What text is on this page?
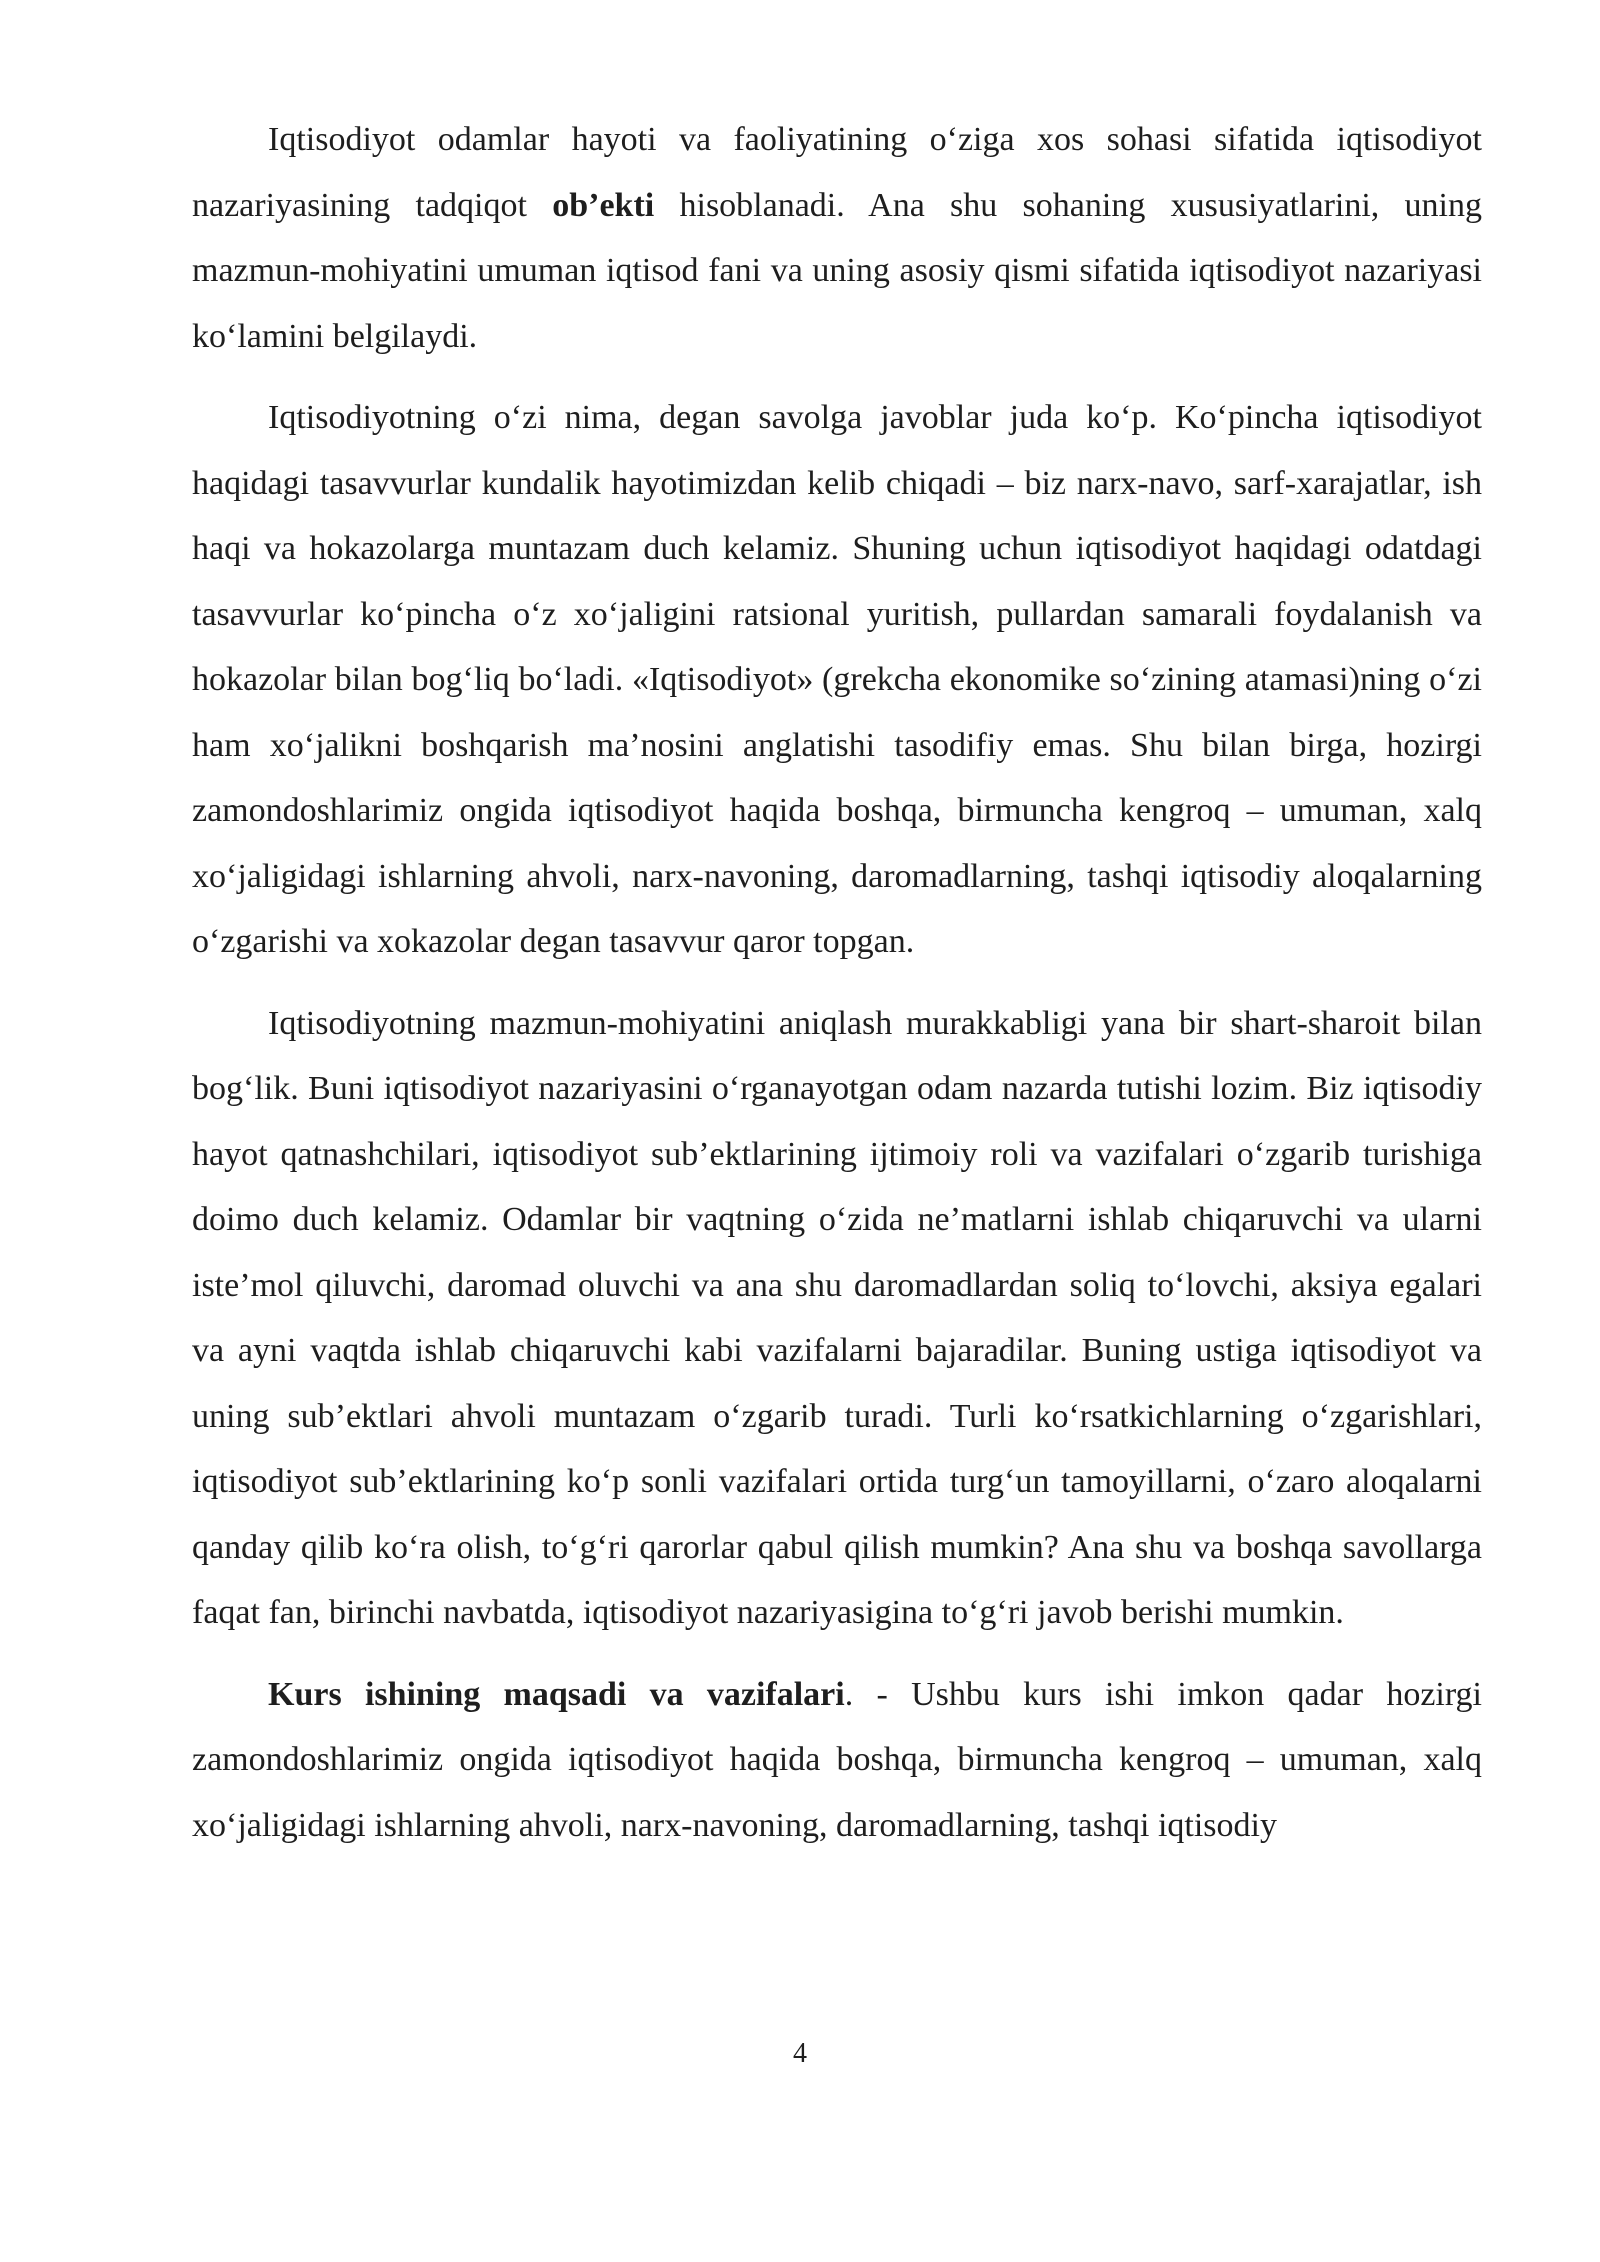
Iqtisodiyot odamlar hayoti va faoliyatining o‘ziga xos sohasi sifatida iqtisodiyot nazariyasining tadqiqot ob’ekti hisoblanadi. Ana shu sohaning xususiyatlarini, uning mazmun-mohiyatini umuman iqtisod fani va uning asosiy qismi sifatida iqtisodiyot nazariyasi ko‘lamini belgilaydi.

Iqtisodiyotning o‘zi nima, degan savolga javoblar juda ko‘p. Ko‘pincha iqtisodiyot haqidagi tasavvurlar kundalik hayotimizdan kelib chiqadi – biz narx-navo, sarf-xarajatlar, ish haqi va hokazolarga muntazam duch kelamiz. Shuning uchun iqtisodiyot haqidagi odatdagi tasavvurlar ko‘pincha o‘z xo‘jaligini ratsional yuritish, pullardan samarali foydalanish va hokazolar bilan bog‘liq bo‘ladi. «Iqtisodiyot» (grekcha ekonomike so‘zining atamasi)ning o‘zi ham xo‘jalikni boshqarish ma’nosini anglatishi tasodifiy emas. Shu bilan birga, hozirgi zamondoshlarimiz ongida iqtisodiyot haqida boshqa, birmuncha kengroq – umuman, xalq xo‘jaligidagi ishlarning ahvoli, narx-navoning, daromadlarning, tashqi iqtisodiy aloqalarning o‘zgarishi va xokazolar degan tasavvur qaror topgan.

Iqtisodiyotning mazmun-mohiyatini aniqlash murakkabligi yana bir shart-sharoit bilan bog‘lik. Buni iqtisodiyot nazariyasini o‘rganayotgan odam nazarda tutishi lozim. Biz iqtisodiy hayot qatnashchilari, iqtisodiyot sub’ektlarining ijtimoiy roli va vazifalari o‘zgarib turishiga doimo duch kelamiz. Odamlar bir vaqtning o‘zida ne’matlarni ishlab chiqaruvchi va ularni iste’mol qiluvchi, daromad oluvchi va ana shu daromadlardan soliq to‘lovchi, aksiya egalari va ayni vaqtda ishlab chiqaruvchi kabi vazifalarni bajaradilar. Buning ustiga iqtisodiyot va uning sub’ektlari ahvoli muntazam o‘zgarib turadi. Turli ko‘rsatkichlarning o‘zgarishlari, iqtisodiyot sub’ektlarining ko‘p sonli vazifalari ortida turg‘un tamoyillarni, o‘zaro aloqalarni qanday qilib ko‘ra olish, to‘g‘ri qarorlar qabul qilish mumkin? Ana shu va boshqa savollarga faqat fan, birinchi navbatda, iqtisodiyot nazariyasigina to‘g‘ri javob berishi mumkin.

Kurs ishining maqsadi va vazifalari. - Ushbu kurs ishi imkon qadar hozirgi zamondoshlarimiz ongida iqtisodiyot haqida boshqa, birmuncha kengroq – umuman, xalq xo‘jaligidagi ishlarning ahvoli, narx-navoning, daromadlarning, tashqi iqtisodiy

4
